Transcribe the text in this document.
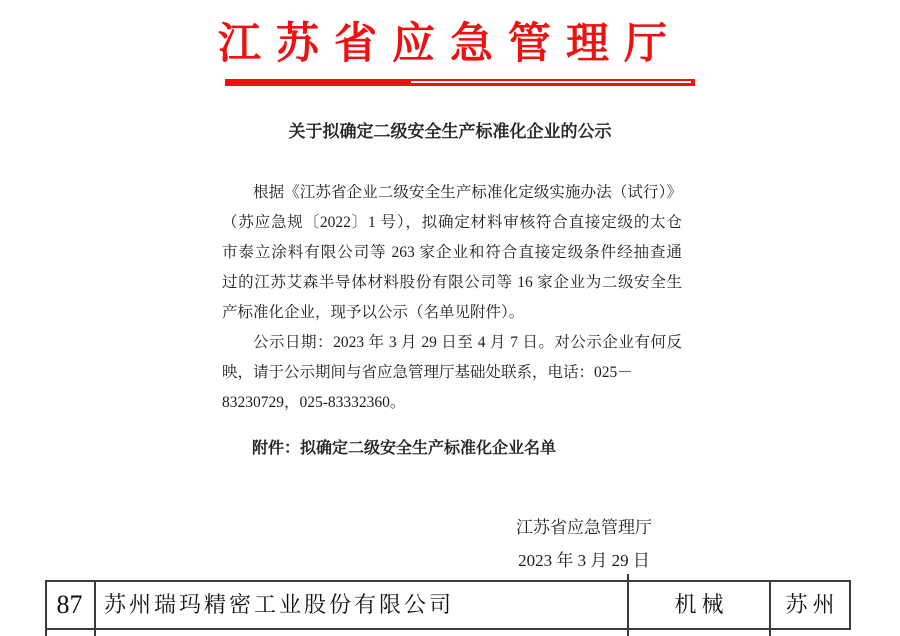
江苏省应急管理厅
关于拟确定二级安全生产标准化企业的公示
根据《江苏省企业二级安全生产标准化定级实施办法（试行）》
（苏应急规〔2022〕1 号），拟确定材料审核符合直接定级的太仓
市泰立涂料有限公司等 263 家企业和符合直接定级条件经抽查通
过的江苏艾森半导体材料股份有限公司等 16 家企业为二级安全生
产标准化企业，现予以公示（名单见附件）。
公示日期：2023 年 3 月 29 日至 4 月 7 日。对公示企业有何反
映，请于公示期间与省应急管理厅基础处联系，电话：025－
83230729，025-83332360。
附件：拟确定二级安全生产标准化企业名单
江苏省应急管理厅
2023 年 3 月 29 日
87 苏州瑞玛精密工业股份有限公司	机械	苏州
